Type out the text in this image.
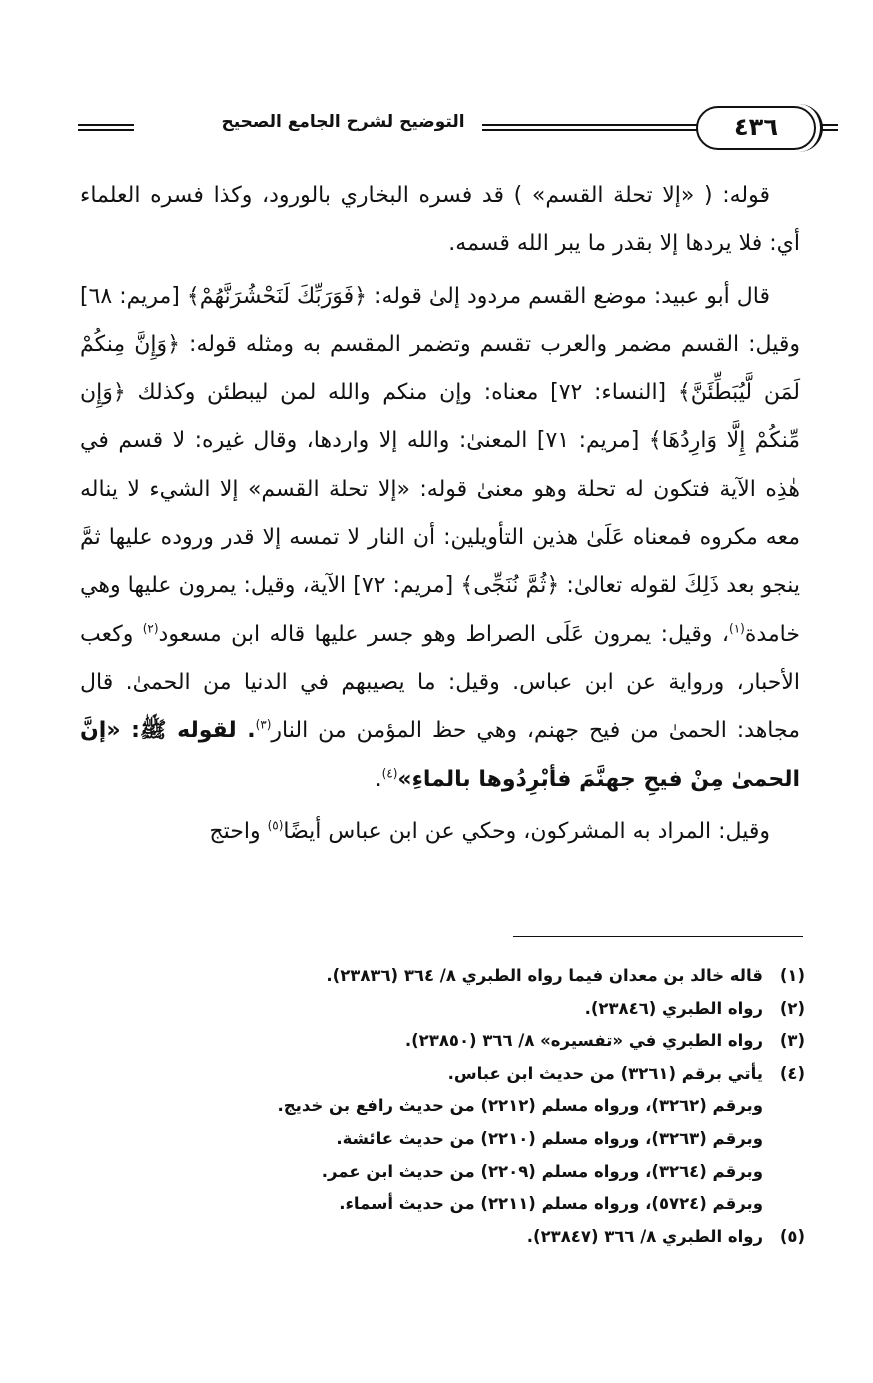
التوضيح لشرح الجامع الصحيح	٤٣٦

قوله: ( «إلا تحلة القسم» ) قد فسره البخاري بالورود، وكذا فسره العلماء أي: فلا يردها إلا بقدر ما يبر الله قسمه.

قال أبو عبيد: موضع القسم مردود إلىٰ قوله: ﴿فَوَرَبِّكَ لَنَحْشُرَنَّهُمْ﴾ [مريم: ٦٨] وقيل: القسم مضمر والعرب تقسم وتضمر المقسم به ومثله قوله: ﴿وَإِنَّ مِنكُمْ لَمَن لَّيُبَطِّئَنَّ﴾ [النساء: ٧٢] معناه: وإن منكم والله لمن ليبطئن وكذلك ﴿وَإِن مِّنكُمْ إِلَّا وَارِدُهَا﴾ [مريم: ٧١] المعنىٰ: والله إلا واردها، وقال غيره: لا قسم في هٰذِه الآية فتكون له تحلة وهو معنىٰ قوله: «إلا تحلة القسم» إلا الشيء لا يناله معه مكروه فمعناه عَلَىٰ هذين التأويلين: أن النار لا تمسه إلا قدر وروده عليها ثمَّ ينجو بعد ذَلِكَ لقوله تعالىٰ: ﴿ثُمَّ نُنَجِّى﴾ [مريم: ٧٢] الآية، وقيل: يمرون عليها وهي خامدة$^{(١)}$، وقيل: يمرون عَلَى الصراط وهو جسر عليها قاله ابن مسعود$^{(٢)}$ وكعب الأحبار، ورواية عن ابن عباس. وقيل: ما يصيبهم في الدنيا من الحمىٰ. قال مجاهد: الحمىٰ من فيح جهنم، وهي حظ المؤمن من النار$^{(٣)}$. لقوله ﷺ: «إنَّ الحمىٰ مِنْ فيحِ جهنَّمَ فأبْرِدُوها بالماءِ»$^{(٤)}$.

وقيل: المراد به المشركون، وحكي عن ابن عباس أيضًا$^{(٥)}$ واحتج

(١)
قاله خالد بن معدان فيما رواه الطبري ٨/ ٣٦٤ (٢٣٨٣٦).
(٢)
رواه الطبري (٢٣٨٤٦).
(٣)
رواه الطبري في «تفسيره» ٨/ ٣٦٦ (٢٣٨٥٠).
(٤)
يأتي برقم (٣٢٦١) من حديث ابن عباس.
وبرقم (٣٢٦٢)، ورواه مسلم (٢٢١٢) من حديث رافع بن خديج.
وبرقم (٣٢٦٣)، ورواه مسلم (٢٢١٠) من حديث عائشة.
وبرقم (٣٢٦٤)، ورواه مسلم (٢٢٠٩) من حديث ابن عمر.
وبرقم (٥٧٢٤)، ورواه مسلم (٢٢١١) من حديث أسماء.
(٥)
رواه الطبري ٨/ ٣٦٦ (٢٣٨٤٧).
